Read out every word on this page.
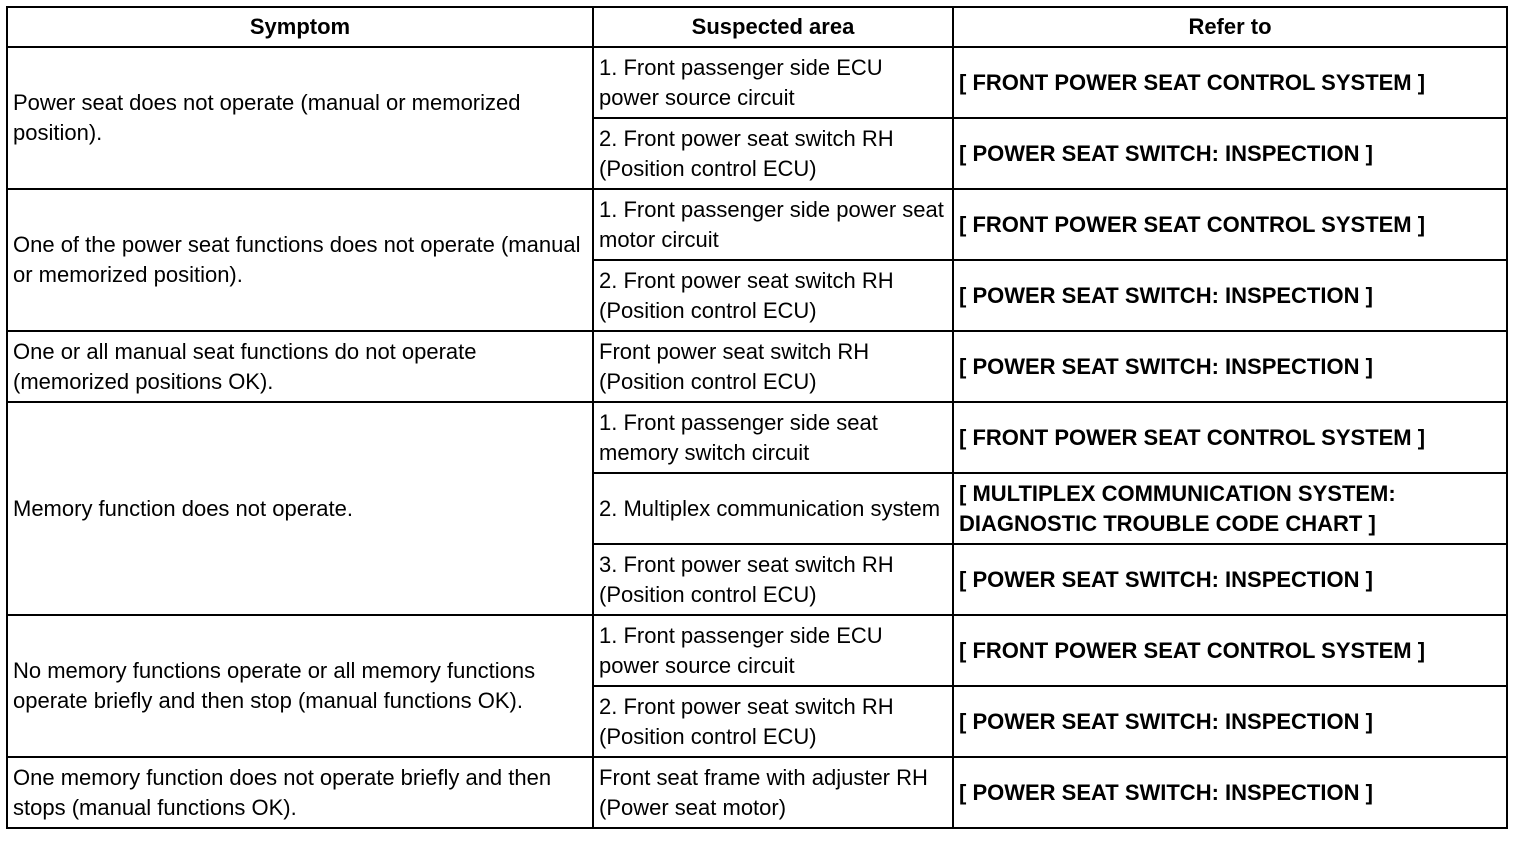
Symptom	Suspected area	Refer to
Power seat does not operate (manual or memorized position).	1. Front passenger side ECU power source circuit	[ FRONT POWER SEAT CONTROL SYSTEM ]
	2. Front power seat switch RH (Position control ECU)	[ POWER SEAT SWITCH: INSPECTION ]
One of the power seat functions does not operate (manual or memorized position).	1. Front passenger side power seat motor circuit	[ FRONT POWER SEAT CONTROL SYSTEM ]
	2. Front power seat switch RH (Position control ECU)	[ POWER SEAT SWITCH: INSPECTION ]
One or all manual seat functions do not operate (memorized positions OK).	Front power seat switch RH (Position control ECU)	[ POWER SEAT SWITCH: INSPECTION ]
Memory function does not operate.	1. Front passenger side seat memory switch circuit	[ FRONT POWER SEAT CONTROL SYSTEM ]
	2. Multiplex communication system	[ MULTIPLEX COMMUNICATION SYSTEM: DIAGNOSTIC TROUBLE CODE CHART ]
	3. Front power seat switch RH (Position control ECU)	[ POWER SEAT SWITCH: INSPECTION ]
No memory functions operate or all memory functions operate briefly and then stop (manual functions OK).	1. Front passenger side ECU power source circuit	[ FRONT POWER SEAT CONTROL SYSTEM ]
	2. Front power seat switch RH (Position control ECU)	[ POWER SEAT SWITCH: INSPECTION ]
One memory function does not operate briefly and then stops (manual functions OK).	Front seat frame with adjuster RH (Power seat motor)	[ POWER SEAT SWITCH: INSPECTION ]
